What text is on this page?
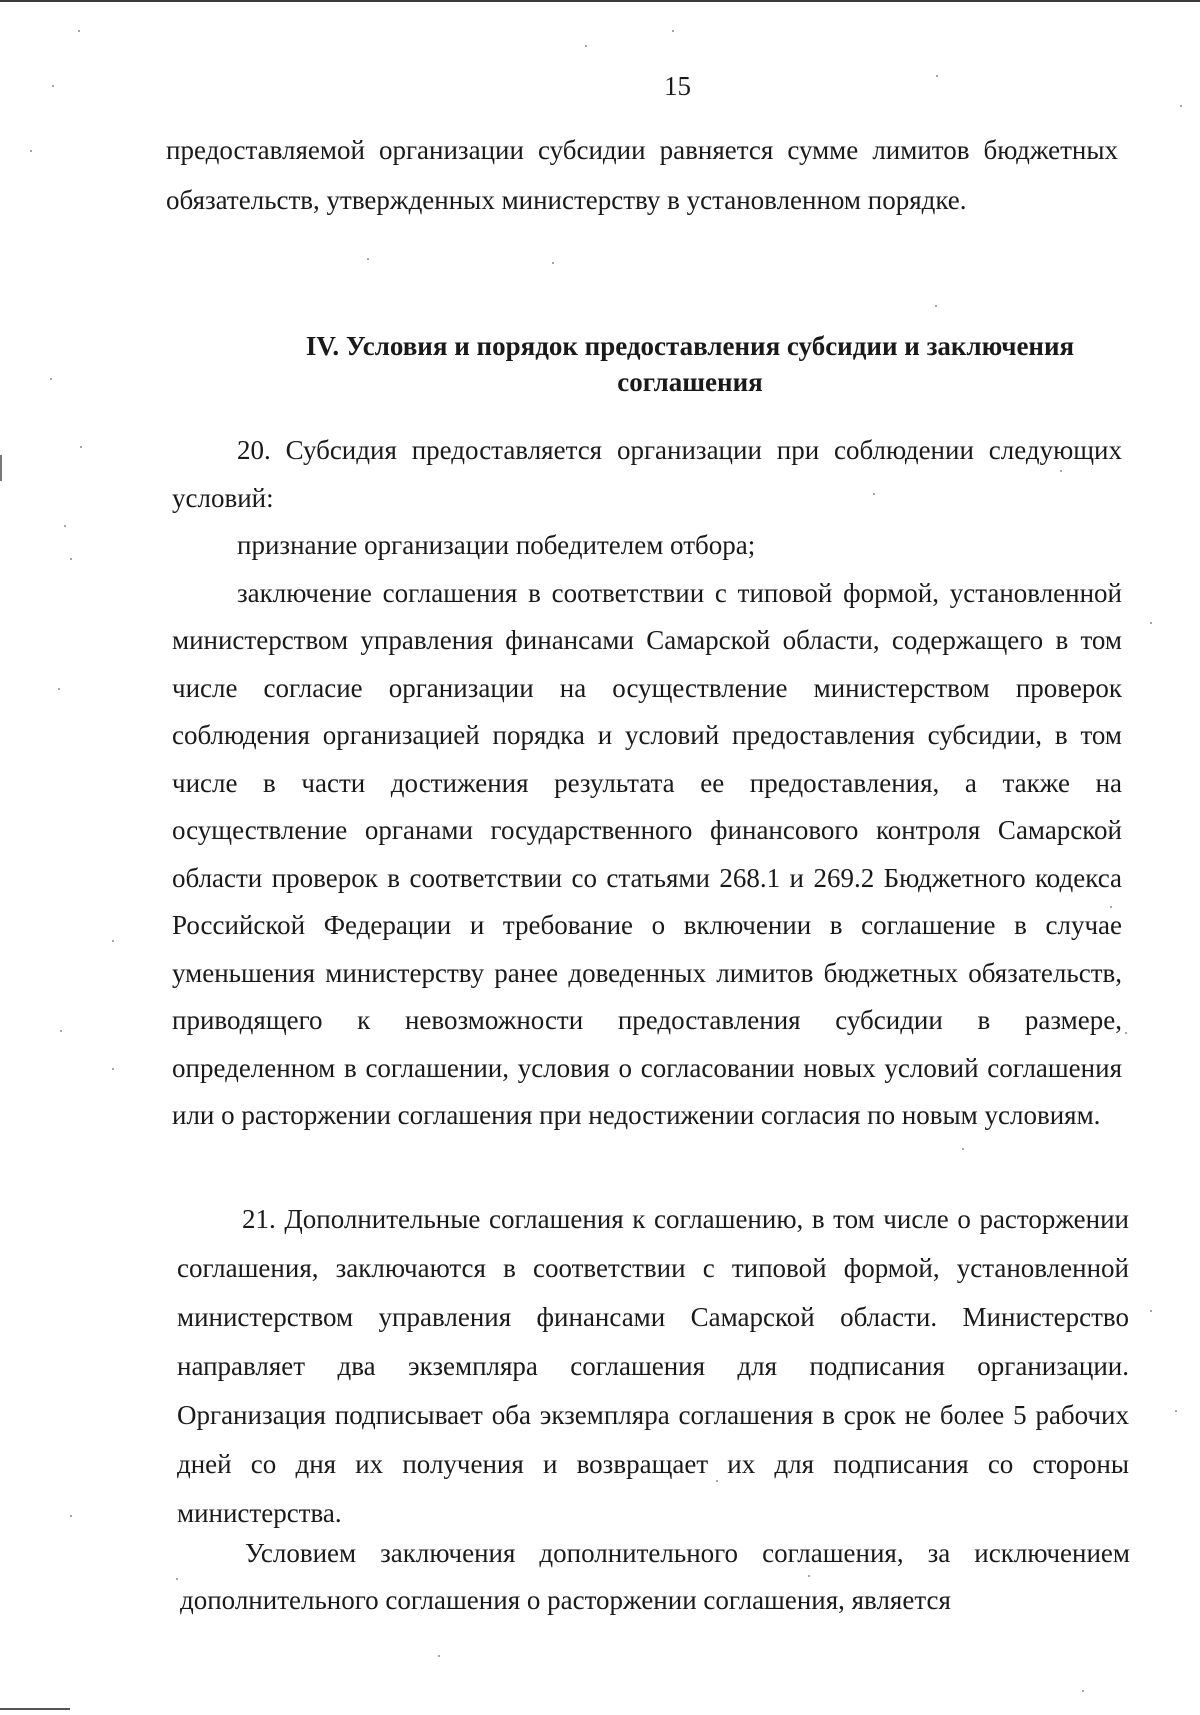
15

предоставляемой организации субсидии равняется сумме лимитов бюджетных обязательств, утвержденных министерству в установленном порядке.

IV. Условия и порядок предоставления субсидии и заключения соглашения

20. Субсидия предоставляется организации при соблюдении следующих условий:

признание организации победителем отбора;

заключение соглашения в соответствии с типовой формой, установленной министерством управления финансами Самарской области, содержащего в том числе согласие организации на осуществление министерством проверок соблюдения организацией порядка и условий предоставления субсидии, в том числе в части достижения результата ее предоставления, а также на осуществление органами государственного финансового контроля Самарской области проверок в соответствии со статьями 268.1 и 269.2 Бюджетного кодекса Российской Федерации и требование о включении в соглашение в случае уменьшения министерству ранее доведенных лимитов бюджетных обязательств, приводящего к невозможности предоставления субсидии в размере, определенном в соглашении, условия о согласовании новых условий соглашения или о расторжении соглашения при недостижении согласия по новым условиям.

21. Дополнительные соглашения к соглашению, в том числе о расторжении соглашения, заключаются в соответствии с типовой формой, установленной министерством управления финансами Самарской области. Министерство направляет два экземпляра соглашения для подписания организации. Организация подписывает оба экземпляра соглашения в срок не более 5 рабочих дней со дня их получения и возвращает их для подписания со стороны министерства.

Условием заключения дополнительного соглашения, за исключением дополнительного соглашения о расторжении соглашения, является
